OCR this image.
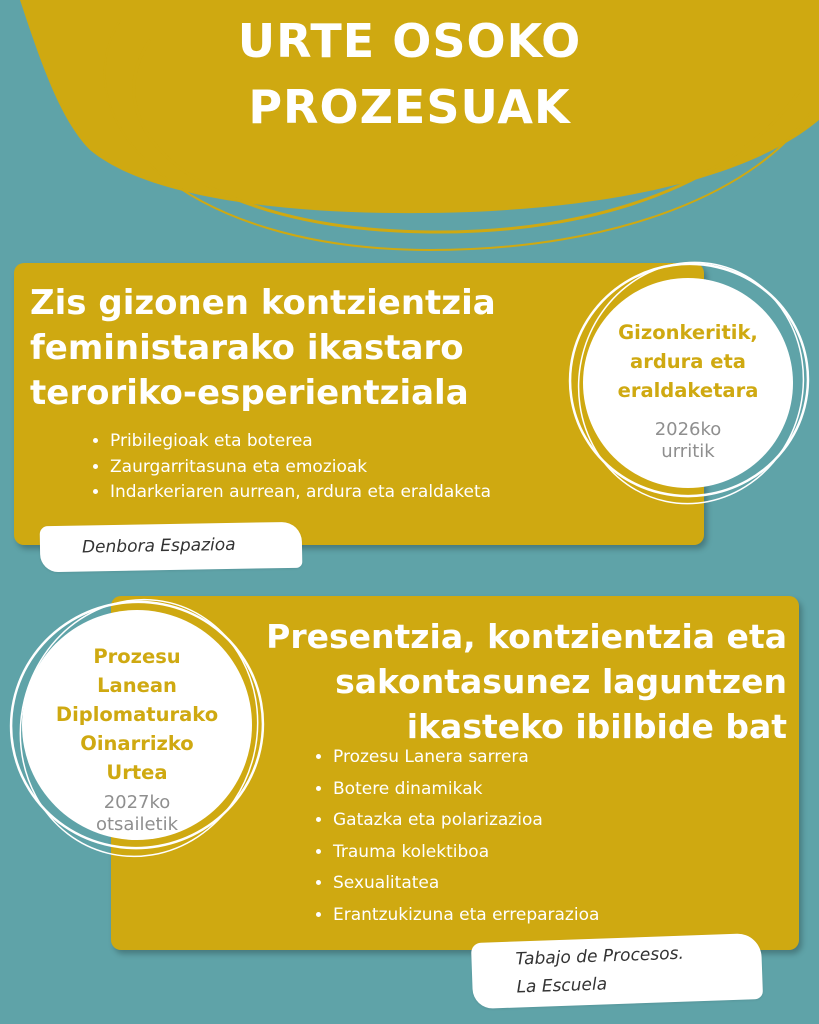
URTE OSOKO
PROZESUAK
Zis gizonen kontzientzia
feministarako ikastaro
teroriko-esperientziala
• Pribilegioak eta boterea
• Zaurgarritasuna eta emozioak
• Indarkeriaren aurrean, ardura eta eraldaketa
Gizonkeritik,
ardura eta
eraldaketara
2026ko
urritik
Denbora Espazioa
Presentzia, kontzientzia eta
sakontasunez laguntzen
ikasteko ibilbide bat
• Prozesu Lanera sarrera
• Botere dinamikak
• Gatazka eta polarizazioa
• Trauma kolektiboa
• Sexualitatea
• Erantzukizuna eta erreparazioa
Prozesu
Lanean
Diplomaturako
Oinarrizko
Urtea
2027ko
otsailetik
Tabajo de Procesos.
La Escuela
